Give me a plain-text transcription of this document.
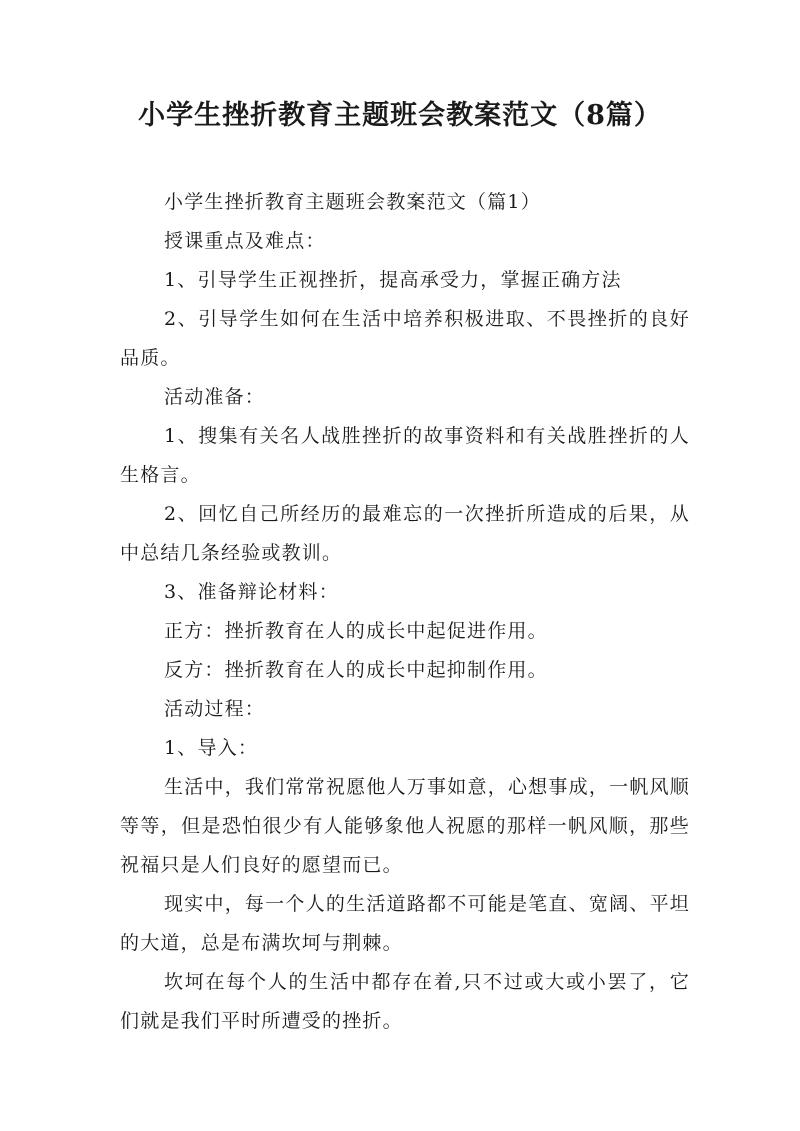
小学生挫折教育主题班会教案范文（8篇）

小学生挫折教育主题班会教案范文（篇1）

授课重点及难点：

1、引导学生正视挫折，提高承受力，掌握正确方法

2、引导学生如何在生活中培养积极进取、不畏挫折的良好品质。

活动准备：

1、搜集有关名人战胜挫折的故事资料和有关战胜挫折的人生格言。

2、回忆自己所经历的最难忘的一次挫折所造成的后果，从中总结几条经验或教训。

3、准备辩论材料：

正方：挫折教育在人的成长中起促进作用。

反方：挫折教育在人的成长中起抑制作用。

活动过程：

1、导入：

生活中，我们常常祝愿他人万事如意，心想事成，一帆风顺等等，但是恐怕很少有人能够象他人祝愿的那样一帆风顺，那些祝福只是人们良好的愿望而已。

现实中，每一个人的生活道路都不可能是笔直、宽阔、平坦的大道，总是布满坎坷与荆棘。

坎坷在每个人的生活中都存在着,只不过或大或小罢了，它们就是我们平时所遭受的挫折。
